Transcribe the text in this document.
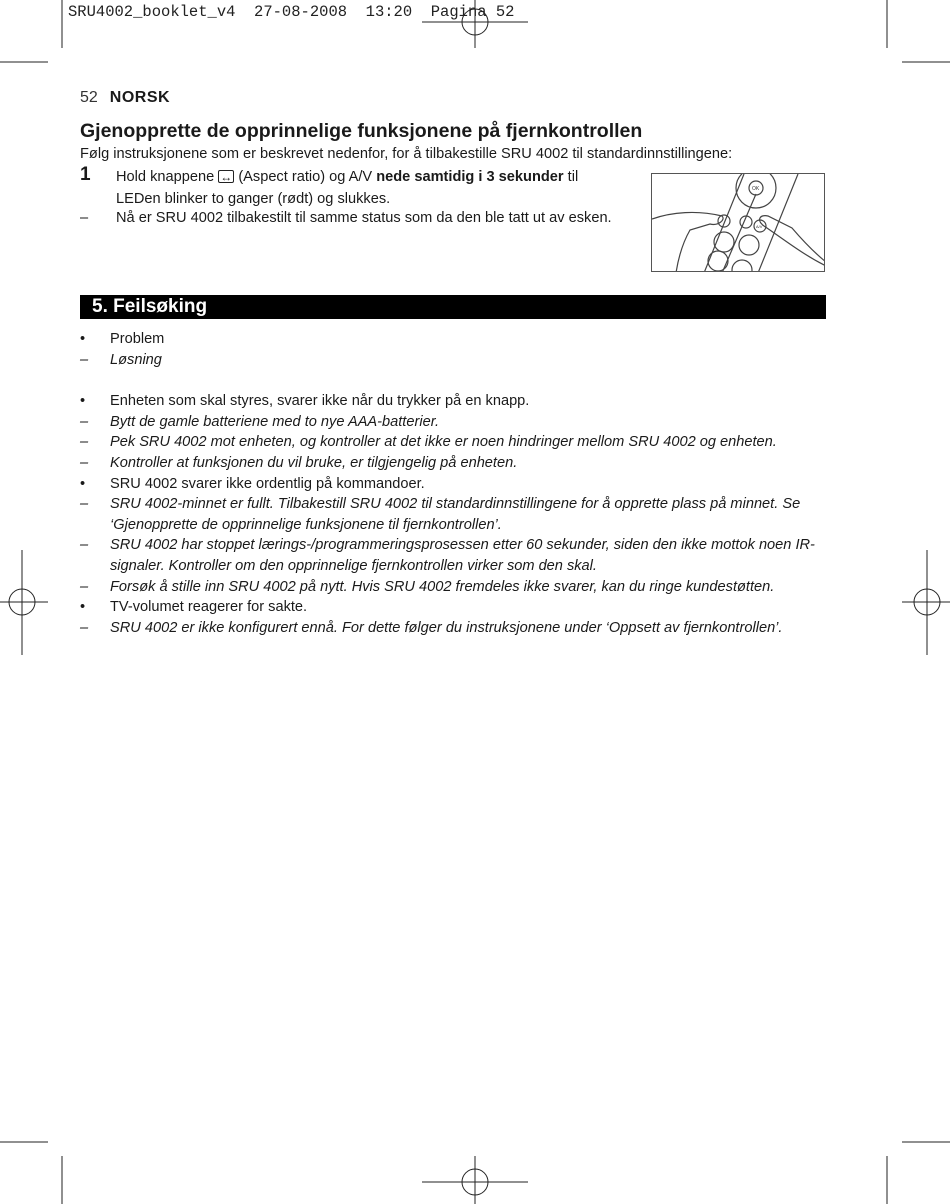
SRU4002_booklet_v4  27-08-2008  13:20  Pagina 52
52 NORSK
Gjenopprette de opprinnelige funksjonene på fjernkontrollen
Følg instruksjonene som er beskrevet nedenfor, for å tilbakestille SRU 4002 til standardinnstillingene:
1 Hold knappene ↔ (Aspect ratio) og A/V nede samtidig i 3 sekunder til LEDen blinker to ganger (rødt) og slukkes.
– Nå er SRU 4002 tilbakestilt til samme status som da den ble tatt ut av esken.
OK
A/V
5. Feilsøking
•	Problem
–	Løsning
•	Enheten som skal styres, svarer ikke når du trykker på en knapp.
–	Bytt de gamle batteriene med to nye AAA-batterier.
–	Pek SRU 4002 mot enheten, og kontroller at det ikke er noen hindringer mellom SRU 4002 og enheten.
–	Kontroller at funksjonen du vil bruke, er tilgjengelig på enheten.
•	SRU 4002 svarer ikke ordentlig på kommandoer.
–	SRU 4002-minnet er fullt. Tilbakestill SRU 4002 til standardinnstillingene for å opprette plass på minnet. Se ‘Gjenopprette de opprinnelige funksjonene til fjernkontrollen’.
–	SRU 4002 har stoppet lærings-/programmeringsprosessen etter 60 sekunder, siden den ikke mottok noen IR-signaler. Kontroller om den opprinnelige fjernkontrollen virker som den skal.
–	Forsøk å stille inn SRU 4002 på nytt. Hvis SRU 4002 fremdeles ikke svarer, kan du ringe kundestøtten.
•	TV-volumet reagerer for sakte.
–	SRU 4002 er ikke konfigurert ennå. For dette følger du instruksjonene under ‘Oppsett av fjernkontrollen’.
